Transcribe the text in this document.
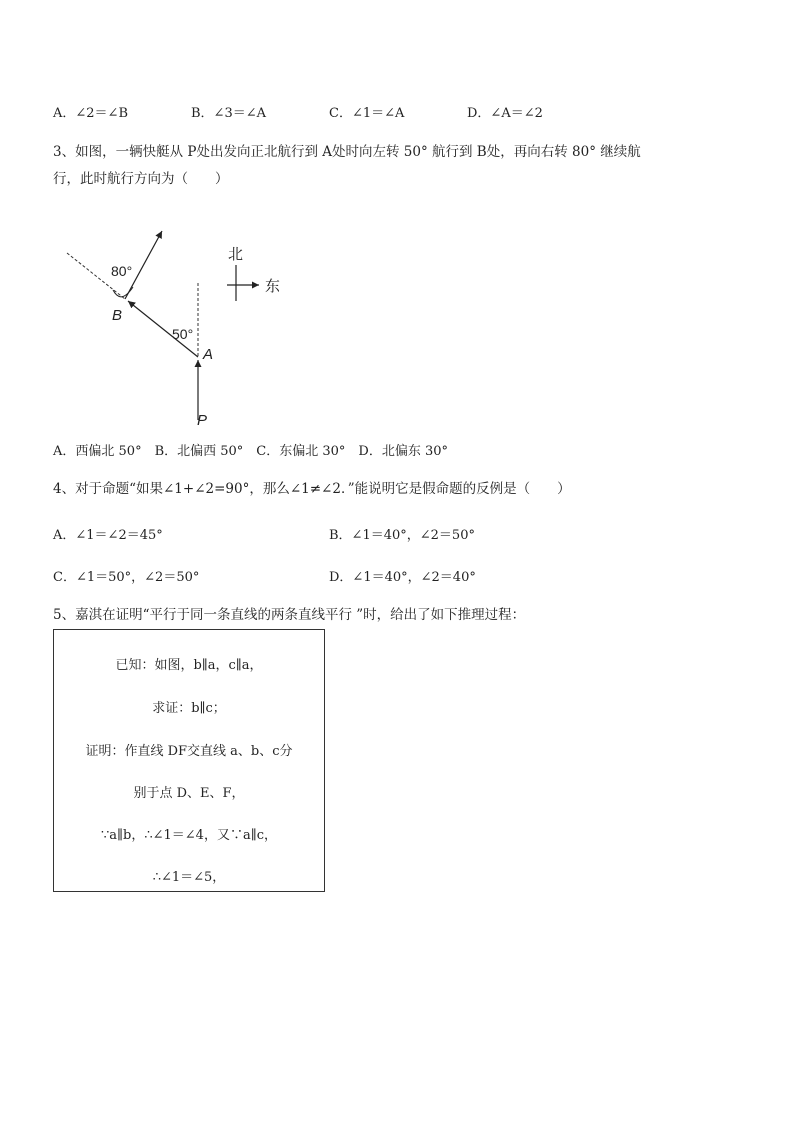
A．∠2＝∠B	B．∠3＝∠A	C．∠1＝∠A	D．∠A＝∠2
3、如图，一辆快艇从 P处出发向正北航行到 A处时向左转 50° 航行到 B处，再向右转 80° 继续航
行，此时航行方向为（　　）
80°
50°
B
A
P
北
东
A．西偏北 50°　B．北偏西 50°　C．东偏北 30°　D．北偏东 30°
4、对于命题“如果∠1+∠2=90°，那么∠1≠∠2．”能说明它是假命题的反例是（　　）
A．∠1＝∠2＝45°	B．∠1＝40°，∠2＝50°
C．∠1＝50°，∠2＝50°	D．∠1＝40°，∠2＝40°
5、嘉淇在证明“平行于同一条直线的两条直线平行 ”时，给出了如下推理过程：
已知：如图，b∥a，c∥a，
求证：b∥c；
证明：作直线 DF交直线 a、b、c分
别于点 D、E、F，
∵a∥b，∴∠1＝∠4，又∵a∥c，
∴∠1＝∠5，
